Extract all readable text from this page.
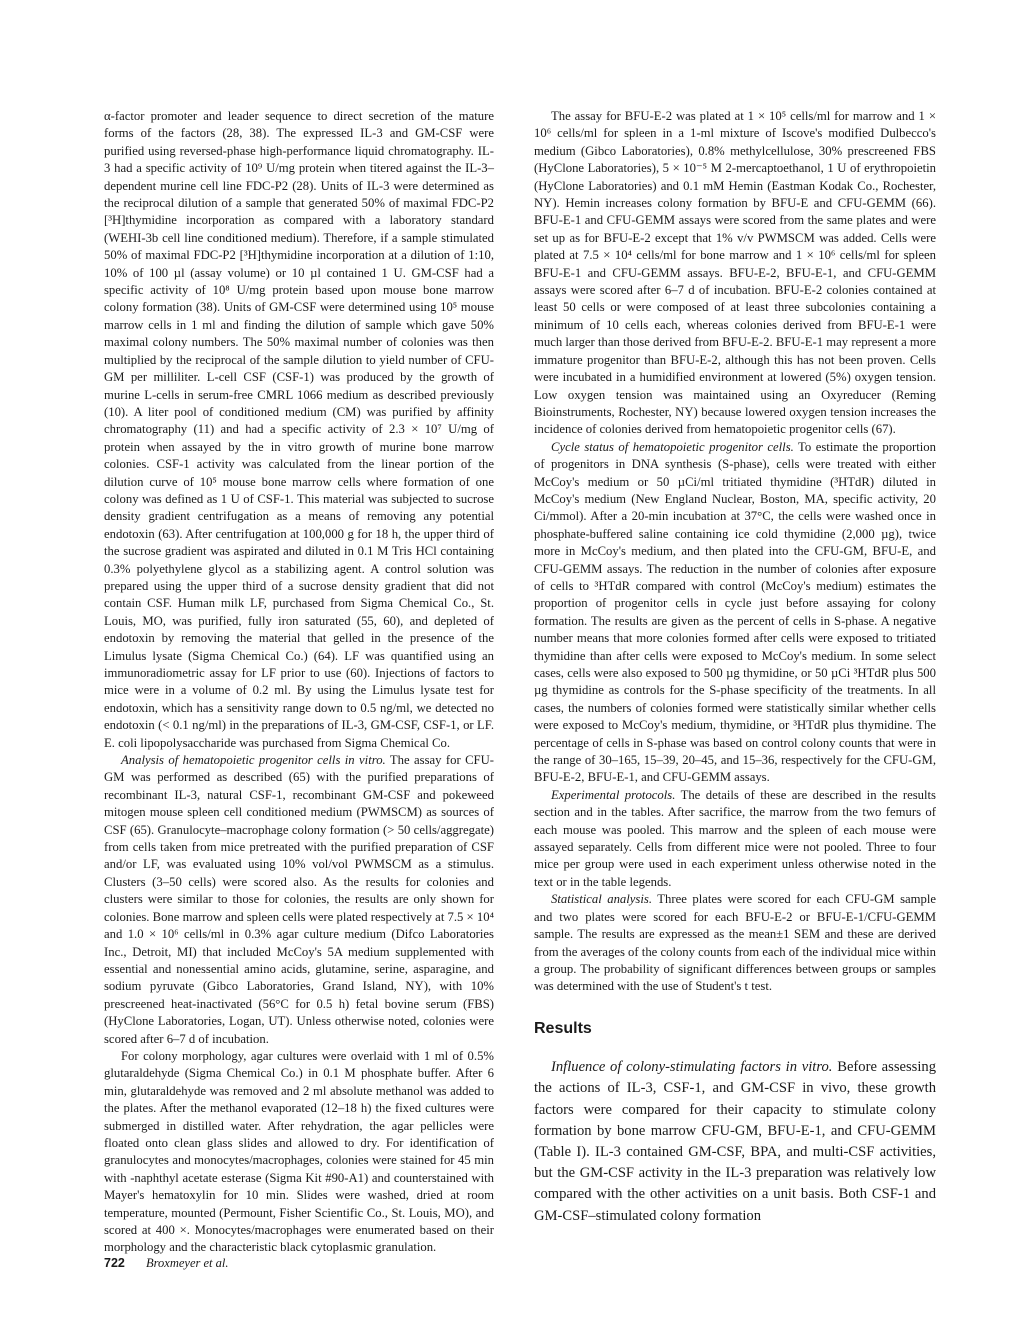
α-factor promoter and leader sequence to direct secretion of the mature forms of the factors (28, 38). The expressed IL-3 and GM-CSF were purified using reversed-phase high-performance liquid chromatography. IL-3 had a specific activity of 10⁹ U/mg protein when titered against the IL-3–dependent murine cell line FDC-P2 (28). Units of IL-3 were determined as the reciprocal dilution of a sample that generated 50% of maximal FDC-P2 [³H]thymidine incorporation as compared with a laboratory standard (WEHI-3b cell line conditioned medium). Therefore, if a sample stimulated 50% of maximal FDC-P2 [³H]thymidine incorporation at a dilution of 1:10, 10% of 100 µl (assay volume) or 10 µl contained 1 U. GM-CSF had a specific activity of 10⁸ U/mg protein based upon mouse bone marrow colony formation (38). Units of GM-CSF were determined using 10⁵ mouse marrow cells in 1 ml and finding the dilution of sample which gave 50% maximal colony numbers. The 50% maximal number of colonies was then multiplied by the reciprocal of the sample dilution to yield number of CFU-GM per milliliter. L-cell CSF (CSF-1) was produced by the growth of murine L-cells in serum-free CMRL 1066 medium as described previously (10). A liter pool of conditioned medium (CM) was purified by affinity chromatography (11) and had a specific activity of 2.3 × 10⁷ U/mg of protein when assayed by the in vitro growth of murine bone marrow colonies. CSF-1 activity was calculated from the linear portion of the dilution curve of 10⁵ mouse bone marrow cells where formation of one colony was defined as 1 U of CSF-1. This material was subjected to sucrose density gradient centrifugation as a means of removing any potential endotoxin (63). After centrifugation at 100,000 g for 18 h, the upper third of the sucrose gradient was aspirated and diluted in 0.1 M Tris HCl containing 0.3% polyethylene glycol as a stabilizing agent. A control solution was prepared using the upper third of a sucrose density gradient that did not contain CSF. Human milk LF, purchased from Sigma Chemical Co., St. Louis, MO, was purified, fully iron saturated (55, 60), and depleted of endotoxin by removing the material that gelled in the presence of the Limulus lysate (Sigma Chemical Co.) (64). LF was quantified using an immunoradiometric assay for LF prior to use (60). Injections of factors to mice were in a volume of 0.2 ml. By using the Limulus lysate test for endotoxin, which has a sensitivity range down to 0.5 ng/ml, we detected no endotoxin (< 0.1 ng/ml) in the preparations of IL-3, GM-CSF, CSF-1, or LF. E. coli lipopolysaccharide was purchased from Sigma Chemical Co.

Analysis of hematopoietic progenitor cells in vitro. The assay for CFU-GM was performed as described (65) with the purified preparations of recombinant IL-3, natural CSF-1, recombinant GM-CSF and pokeweed mitogen mouse spleen cell conditioned medium (PWMSCM) as sources of CSF (65). Granulocyte–macrophage colony formation (> 50 cells/aggregate) from cells taken from mice pretreated with the purified preparation of CSF and/or LF, was evaluated using 10% vol/vol PWMSCM as a stimulus. Clusters (3–50 cells) were scored also. As the results for colonies and clusters were similar to those for colonies, the results are only shown for colonies. Bone marrow and spleen cells were plated respectively at 7.5 × 10⁴ and 1.0 × 10⁶ cells/ml in 0.3% agar culture medium (Difco Laboratories Inc., Detroit, MI) that included McCoy's 5A medium supplemented with essential and nonessential amino acids, glutamine, serine, asparagine, and sodium pyruvate (Gibco Laboratories, Grand Island, NY), with 10% prescreened heat-inactivated (56°C for 0.5 h) fetal bovine serum (FBS) (HyClone Laboratories, Logan, UT). Unless otherwise noted, colonies were scored after 6–7 d of incubation.

For colony morphology, agar cultures were overlaid with 1 ml of 0.5% glutaraldehyde (Sigma Chemical Co.) in 0.1 M phosphate buffer. After 6 min, glutaraldehyde was removed and 2 ml absolute methanol was added to the plates. After the methanol evaporated (12–18 h) the fixed cultures were submerged in distilled water. After rehydration, the agar pellicles were floated onto clean glass slides and allowed to dry. For identification of granulocytes and monocytes/macrophages, colonies were stained for 45 min with -naphthyl acetate esterase (Sigma Kit #90-A1) and counterstained with Mayer's hematoxylin for 10 min. Slides were washed, dried at room temperature, mounted (Permount, Fisher Scientific Co., St. Louis, MO), and scored at 400 ×. Monocytes/macrophages were enumerated based on their morphology and the characteristic black cytoplasmic granulation.

The assay for BFU-E-2 was plated at 1 × 10⁵ cells/ml for marrow and 1 × 10⁶ cells/ml for spleen in a 1-ml mixture of Iscove's modified Dulbecco's medium (Gibco Laboratories), 0.8% methylcellulose, 30% prescreened FBS (HyClone Laboratories), 5 × 10⁻⁵ M 2-mercaptoethanol, 1 U of erythropoietin (HyClone Laboratories) and 0.1 mM Hemin (Eastman Kodak Co., Rochester, NY). Hemin increases colony formation by BFU-E and CFU-GEMM (66). BFU-E-1 and CFU-GEMM assays were scored from the same plates and were set up as for BFU-E-2 except that 1% v/v PWMSCM was added. Cells were plated at 7.5 × 10⁴ cells/ml for bone marrow and 1 × 10⁶ cells/ml for spleen BFU-E-1 and CFU-GEMM assays. BFU-E-2, BFU-E-1, and CFU-GEMM assays were scored after 6–7 d of incubation. BFU-E-2 colonies contained at least 50 cells or were composed of at least three subcolonies containing a minimum of 10 cells each, whereas colonies derived from BFU-E-1 were much larger than those derived from BFU-E-2. BFU-E-1 may represent a more immature progenitor than BFU-E-2, although this has not been proven. Cells were incubated in a humidified environment at lowered (5%) oxygen tension. Low oxygen tension was maintained using an Oxyreducer (Reming Bioinstruments, Rochester, NY) because lowered oxygen tension increases the incidence of colonies derived from hematopoietic progenitor cells (67).

Cycle status of hematopoietic progenitor cells. To estimate the proportion of progenitors in DNA synthesis (S-phase), cells were treated with either McCoy's medium or 50 µCi/ml tritiated thymidine (³HTdR) diluted in McCoy's medium (New England Nuclear, Boston, MA, specific activity, 20 Ci/mmol). After a 20-min incubation at 37°C, the cells were washed once in phosphate-buffered saline containing ice cold thymidine (2,000 µg), twice more in McCoy's medium, and then plated into the CFU-GM, BFU-E, and CFU-GEMM assays. The reduction in the number of colonies after exposure of cells to ³HTdR compared with control (McCoy's medium) estimates the proportion of progenitor cells in cycle just before assaying for colony formation. The results are given as the percent of cells in S-phase. A negative number means that more colonies formed after cells were exposed to tritiated thymidine than after cells were exposed to McCoy's medium. In some select cases, cells were also exposed to 500 µg thymidine, or 50 µCi ³HTdR plus 500 µg thymidine as controls for the S-phase specificity of the treatments. In all cases, the numbers of colonies formed were statistically similar whether cells were exposed to McCoy's medium, thymidine, or ³HTdR plus thymidine. The percentage of cells in S-phase was based on control colony counts that were in the range of 30–165, 15–39, 20–45, and 15–36, respectively for the CFU-GM, BFU-E-2, BFU-E-1, and CFU-GEMM assays.

Experimental protocols. The details of these are described in the results section and in the tables. After sacrifice, the marrow from the two femurs of each mouse was pooled. This marrow and the spleen of each mouse were assayed separately. Cells from different mice were not pooled. Three to four mice per group were used in each experiment unless otherwise noted in the text or in the table legends.

Statistical analysis. Three plates were scored for each CFU-GM sample and two plates were scored for each BFU-E-2 or BFU-E-1/CFU-GEMM sample. The results are expressed as the mean±1 SEM and these are derived from the averages of the colony counts from each of the individual mice within a group. The probability of significant differences between groups or samples was determined with the use of Student's t test.

Results

Influence of colony-stimulating factors in vitro. Before assessing the actions of IL-3, CSF-1, and GM-CSF in vivo, these growth factors were compared for their capacity to stimulate colony formation by bone marrow CFU-GM, BFU-E-1, and CFU-GEMM (Table I). IL-3 contained GM-CSF, BPA, and multi-CSF activities, but the GM-CSF activity in the IL-3 preparation was relatively low compared with the other activities on a unit basis. Both CSF-1 and GM-CSF–stimulated colony formation

722 Broxmeyer et al.
